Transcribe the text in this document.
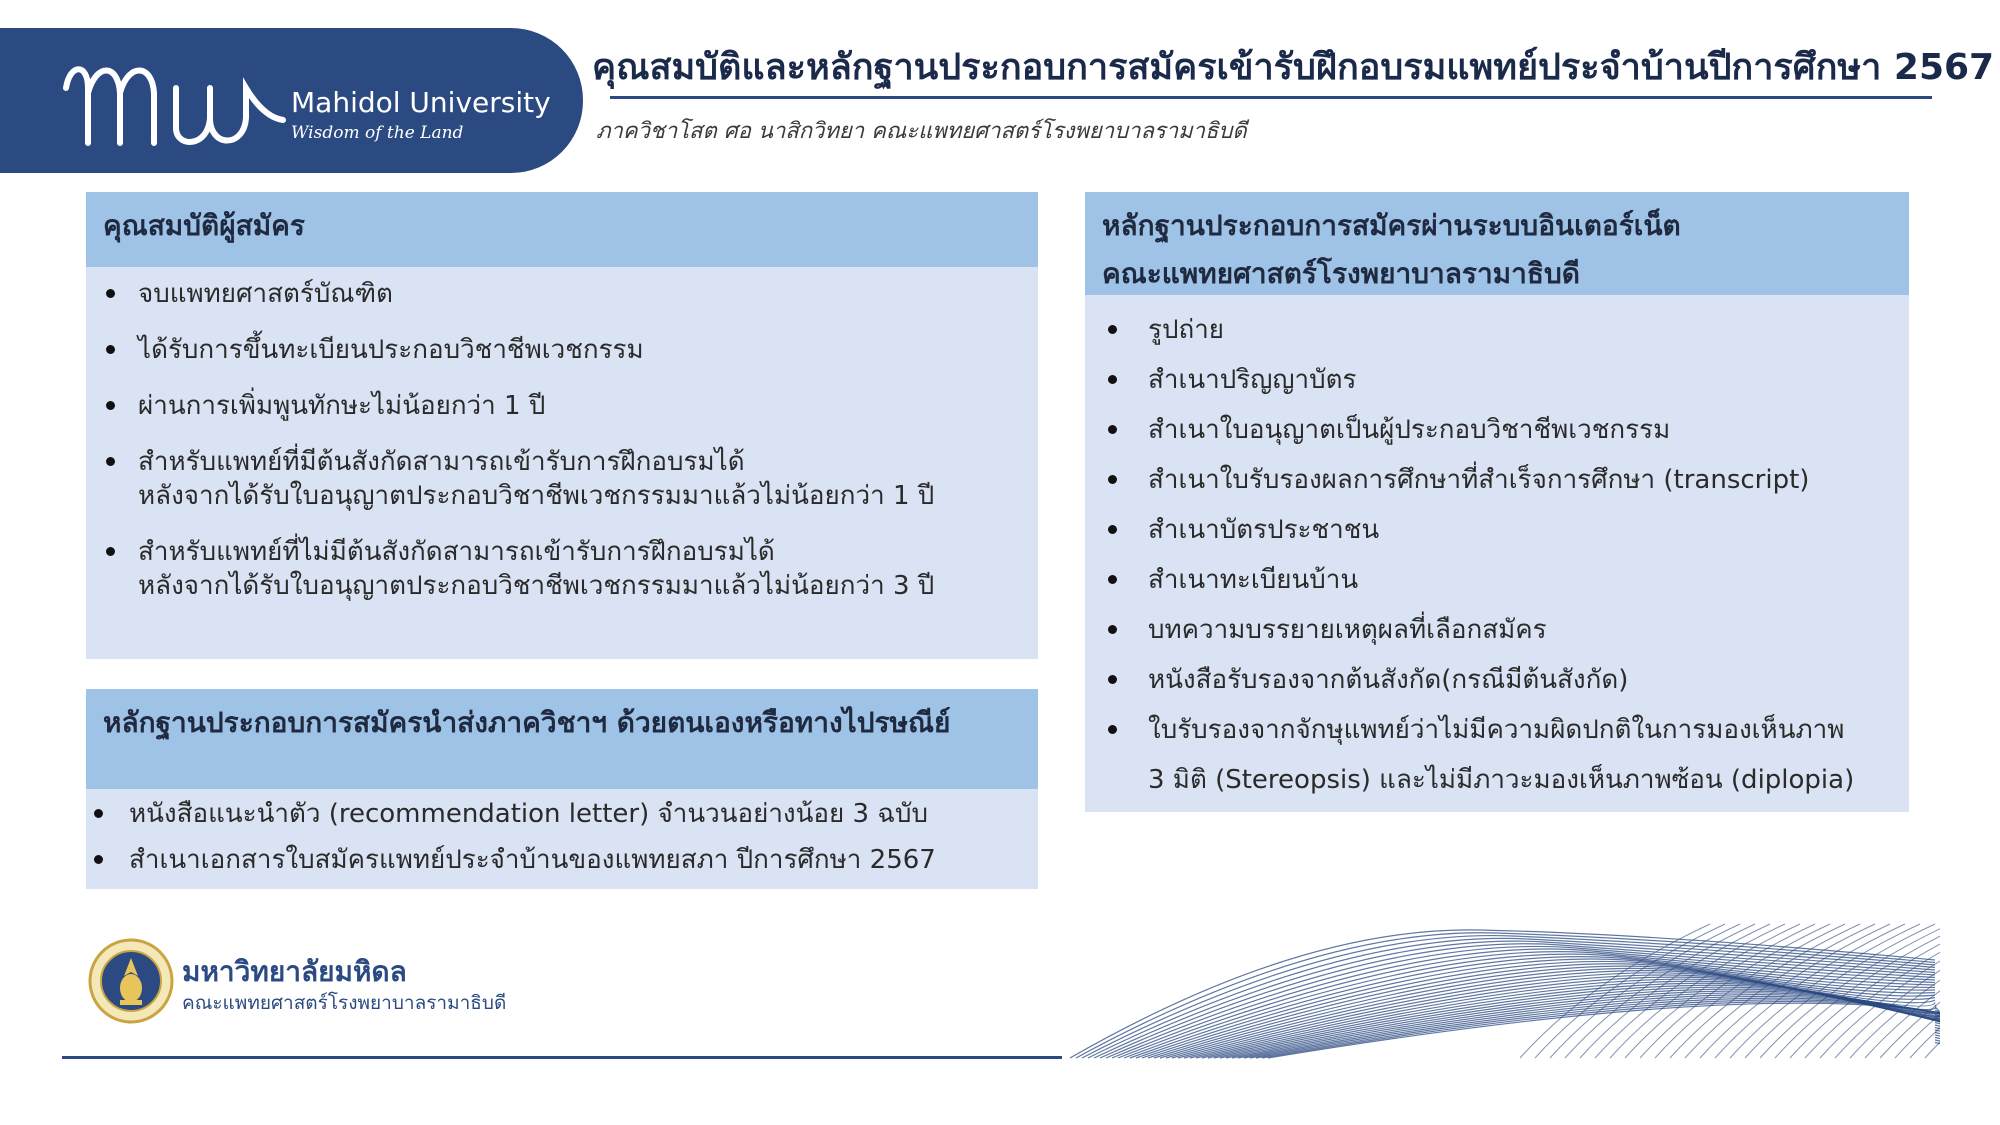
Mahidol University
Wisdom of the Land
คุณสมบัติและหลักฐานประกอบการสมัครเข้ารับฝึกอบรมแพทย์ประจำบ้านปีการศึกษา 2567
ภาควิชาโสต ศอ นาสิกวิทยา คณะแพทยศาสตร์โรงพยาบาลรามาธิบดี
คุณสมบัติผู้สมัคร
จบแพทยศาสตร์บัณฑิต
ได้รับการขึ้นทะเบียนประกอบวิชาชีพเวชกรรม
ผ่านการเพิ่มพูนทักษะไม่น้อยกว่า 1 ปี
สำหรับแพทย์ที่มีต้นสังกัดสามารถเข้ารับการฝึกอบรมได้
หลังจากได้รับใบอนุญาตประกอบวิชาชีพเวชกรรมมาแล้วไม่น้อยกว่า 1 ปี
สำหรับแพทย์ที่ไม่มีต้นสังกัดสามารถเข้ารับการฝึกอบรมได้
หลังจากได้รับใบอนุญาตประกอบวิชาชีพเวชกรรมมาแล้วไม่น้อยกว่า 3 ปี
หลักฐานประกอบการสมัครนำส่งภาควิชาฯ ด้วยตนเองหรือทางไปรษณีย์
หนังสือแนะนำตัว (recommendation letter) จำนวนอย่างน้อย 3 ฉบับ
สำเนาเอกสารใบสมัครแพทย์ประจำบ้านของแพทยสภา ปีการศึกษา 2567
หลักฐานประกอบการสมัครผ่านระบบอินเตอร์เน็ต
คณะแพทยศาสตร์โรงพยาบาลรามาธิบดี
รูปถ่าย
สำเนาปริญญาบัตร
สำเนาใบอนุญาตเป็นผู้ประกอบวิชาชีพเวชกรรม
สำเนาใบรับรองผลการศึกษาที่สำเร็จการศึกษา (transcript)
สำเนาบัตรประชาชน
สำเนาทะเบียนบ้าน
บทความบรรยายเหตุผลที่เลือกสมัคร
หนังสือรับรองจากต้นสังกัด(กรณีมีต้นสังกัด)
ใบรับรองจากจักษุแพทย์ว่าไม่มีความผิดปกติในการมองเห็นภาพ
3 มิติ (Stereopsis) และไม่มีภาวะมองเห็นภาพซ้อน (diplopia)
มหาวิทยาลัยมหิดล
คณะแพทยศาสตร์โรงพยาบาลรามาธิบดี
